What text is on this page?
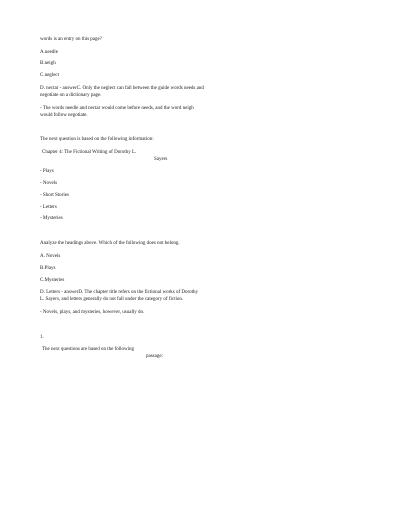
words is an entry on this page?
A.needle
B.neigh
C.neglect
D. nectar - answerC. Only the neglect can fall between the guide words needs and
negotiate on a dictionary page.
- The words needle and nectar would come before needs, and the word neigh
would follow negotiate.
The next question is based on the following information:
Chapter 4: The Fictional Writing of Dorothy L.
Sayers
- Plays
- Novels
- Short Stories
- Letters
- Mysteries
Analyze the headings above. Which of the following does not belong.
A. Novels
B.Plays
C.Mysteries
D. Letters - answerD. The chapter title refers on the fictional works of Dorothy
L. Sayers, and letters generally do not fall under the category of fiction.
- Novels, plays, and mysteries, however, usually do.
1.
The next questions are based on the following
passage:
